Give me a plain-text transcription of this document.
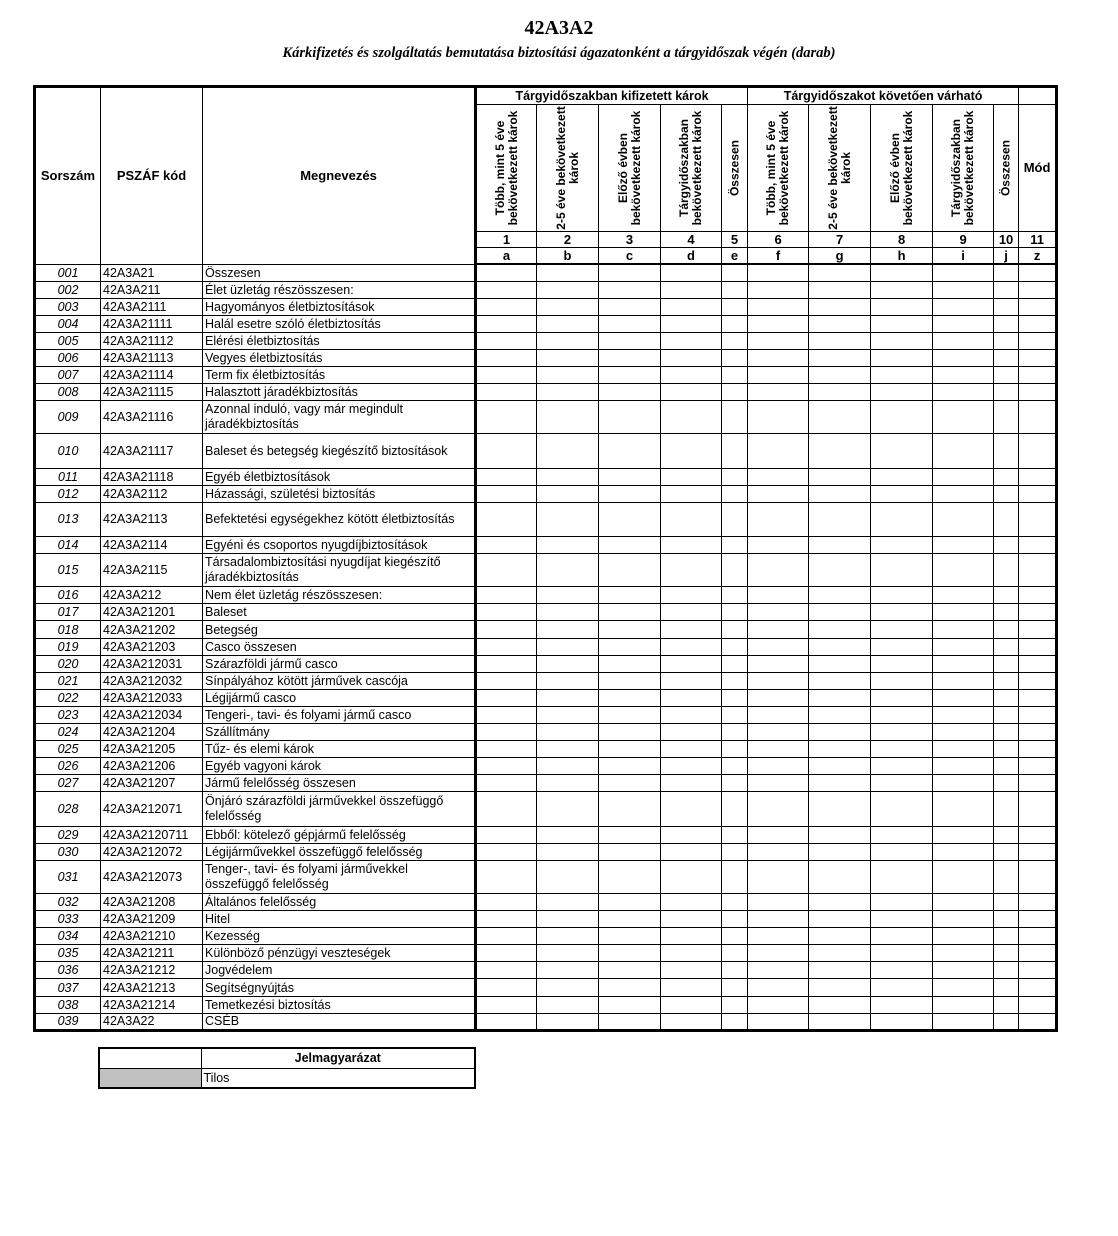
42A3A2
Kárkifizetés és szolgáltatás bemutatása biztosítási ágazatonként a tárgyidőszak végén (darab)
Sorszám	PSZÁF kód	Megnevezés	Tárgyidőszakban kifizetett károk					Tárgyidőszakot követően várható					

			Több, mint 5 éve bekövetkezett károk	2-5 éve bekövetkezett károk	Előző évben bekövetkezett károk	Tárgyidőszakban bekövetkezett károk	Összesen	Több, mint 5 éve bekövetkezett károk	2-5 éve bekövetkezett károk	Előző évben bekövetkezett károk	Tárgyidőszakban bekövetkezett károk	Összesen	Mód
			1	2	3	4	5	6	7	8	9	10	11
			a	b	c	d	e	f	g	h	i	j	z
001	42A3A21	Összesen											
002	42A3A211	Élet üzletág részösszesen:											
003	42A3A2111	Hagyományos életbiztosítások											
004	42A3A21111	Halál esetre szóló életbiztosítás											
005	42A3A21112	Elérési életbiztosítás											
006	42A3A21113	Vegyes életbiztosítás											
007	42A3A21114	Term fix életbiztosítás											
008	42A3A21115	Halasztott járadékbiztosítás											
009	42A3A21116	Azonnal induló, vagy már megindult járadékbiztosítás											
010	42A3A21117	Baleset és betegség kiegészítő biztosítások											
011	42A3A21118	Egyéb életbiztosítások											
012	42A3A2112	Házassági, születési biztosítás											
013	42A3A2113	Befektetési egységekhez kötött életbiztosítás											
014	42A3A2114	Egyéni és csoportos nyugdíjbiztosítások											
015	42A3A2115	Társadalombiztosítási nyugdíjat kiegészítő járadékbiztosítás											
016	42A3A212	Nem élet üzletág részösszesen:											
017	42A3A21201	Baleset											
018	42A3A21202	Betegség											
019	42A3A21203	Casco összesen											
020	42A3A212031	Szárazföldi jármű casco											
021	42A3A212032	Sínpályához kötött járművek cascója											
022	42A3A212033	Légijármű casco											
023	42A3A212034	Tengeri-, tavi- és folyami jármű casco											
024	42A3A21204	Szállítmány											
025	42A3A21205	Tűz- és elemi károk											
026	42A3A21206	Egyéb vagyoni károk											
027	42A3A21207	Jármű felelősség összesen											
028	42A3A212071	Önjáró szárazföldi járművekkel összefüggő felelősség											
029	42A3A2120711	Ebből: kötelező gépjármű felelősség											
030	42A3A212072	Légijárművekkel összefüggő felelősség											
031	42A3A212073	Tenger-, tavi- és folyami járművekkel összefüggő felelősség											
032	42A3A21208	Általános felelősség											
033	42A3A21209	Hitel											
034	42A3A21210	Kezesség											
035	42A3A21211	Különböző pénzügyi veszteségek											
036	42A3A21212	Jogvédelem											
037	42A3A21213	Segítségnyújtás											
038	42A3A21214	Temetkezési biztosítás											
039	42A3A22	CSÉB											
	Jelmagyarázat
	Tilos
